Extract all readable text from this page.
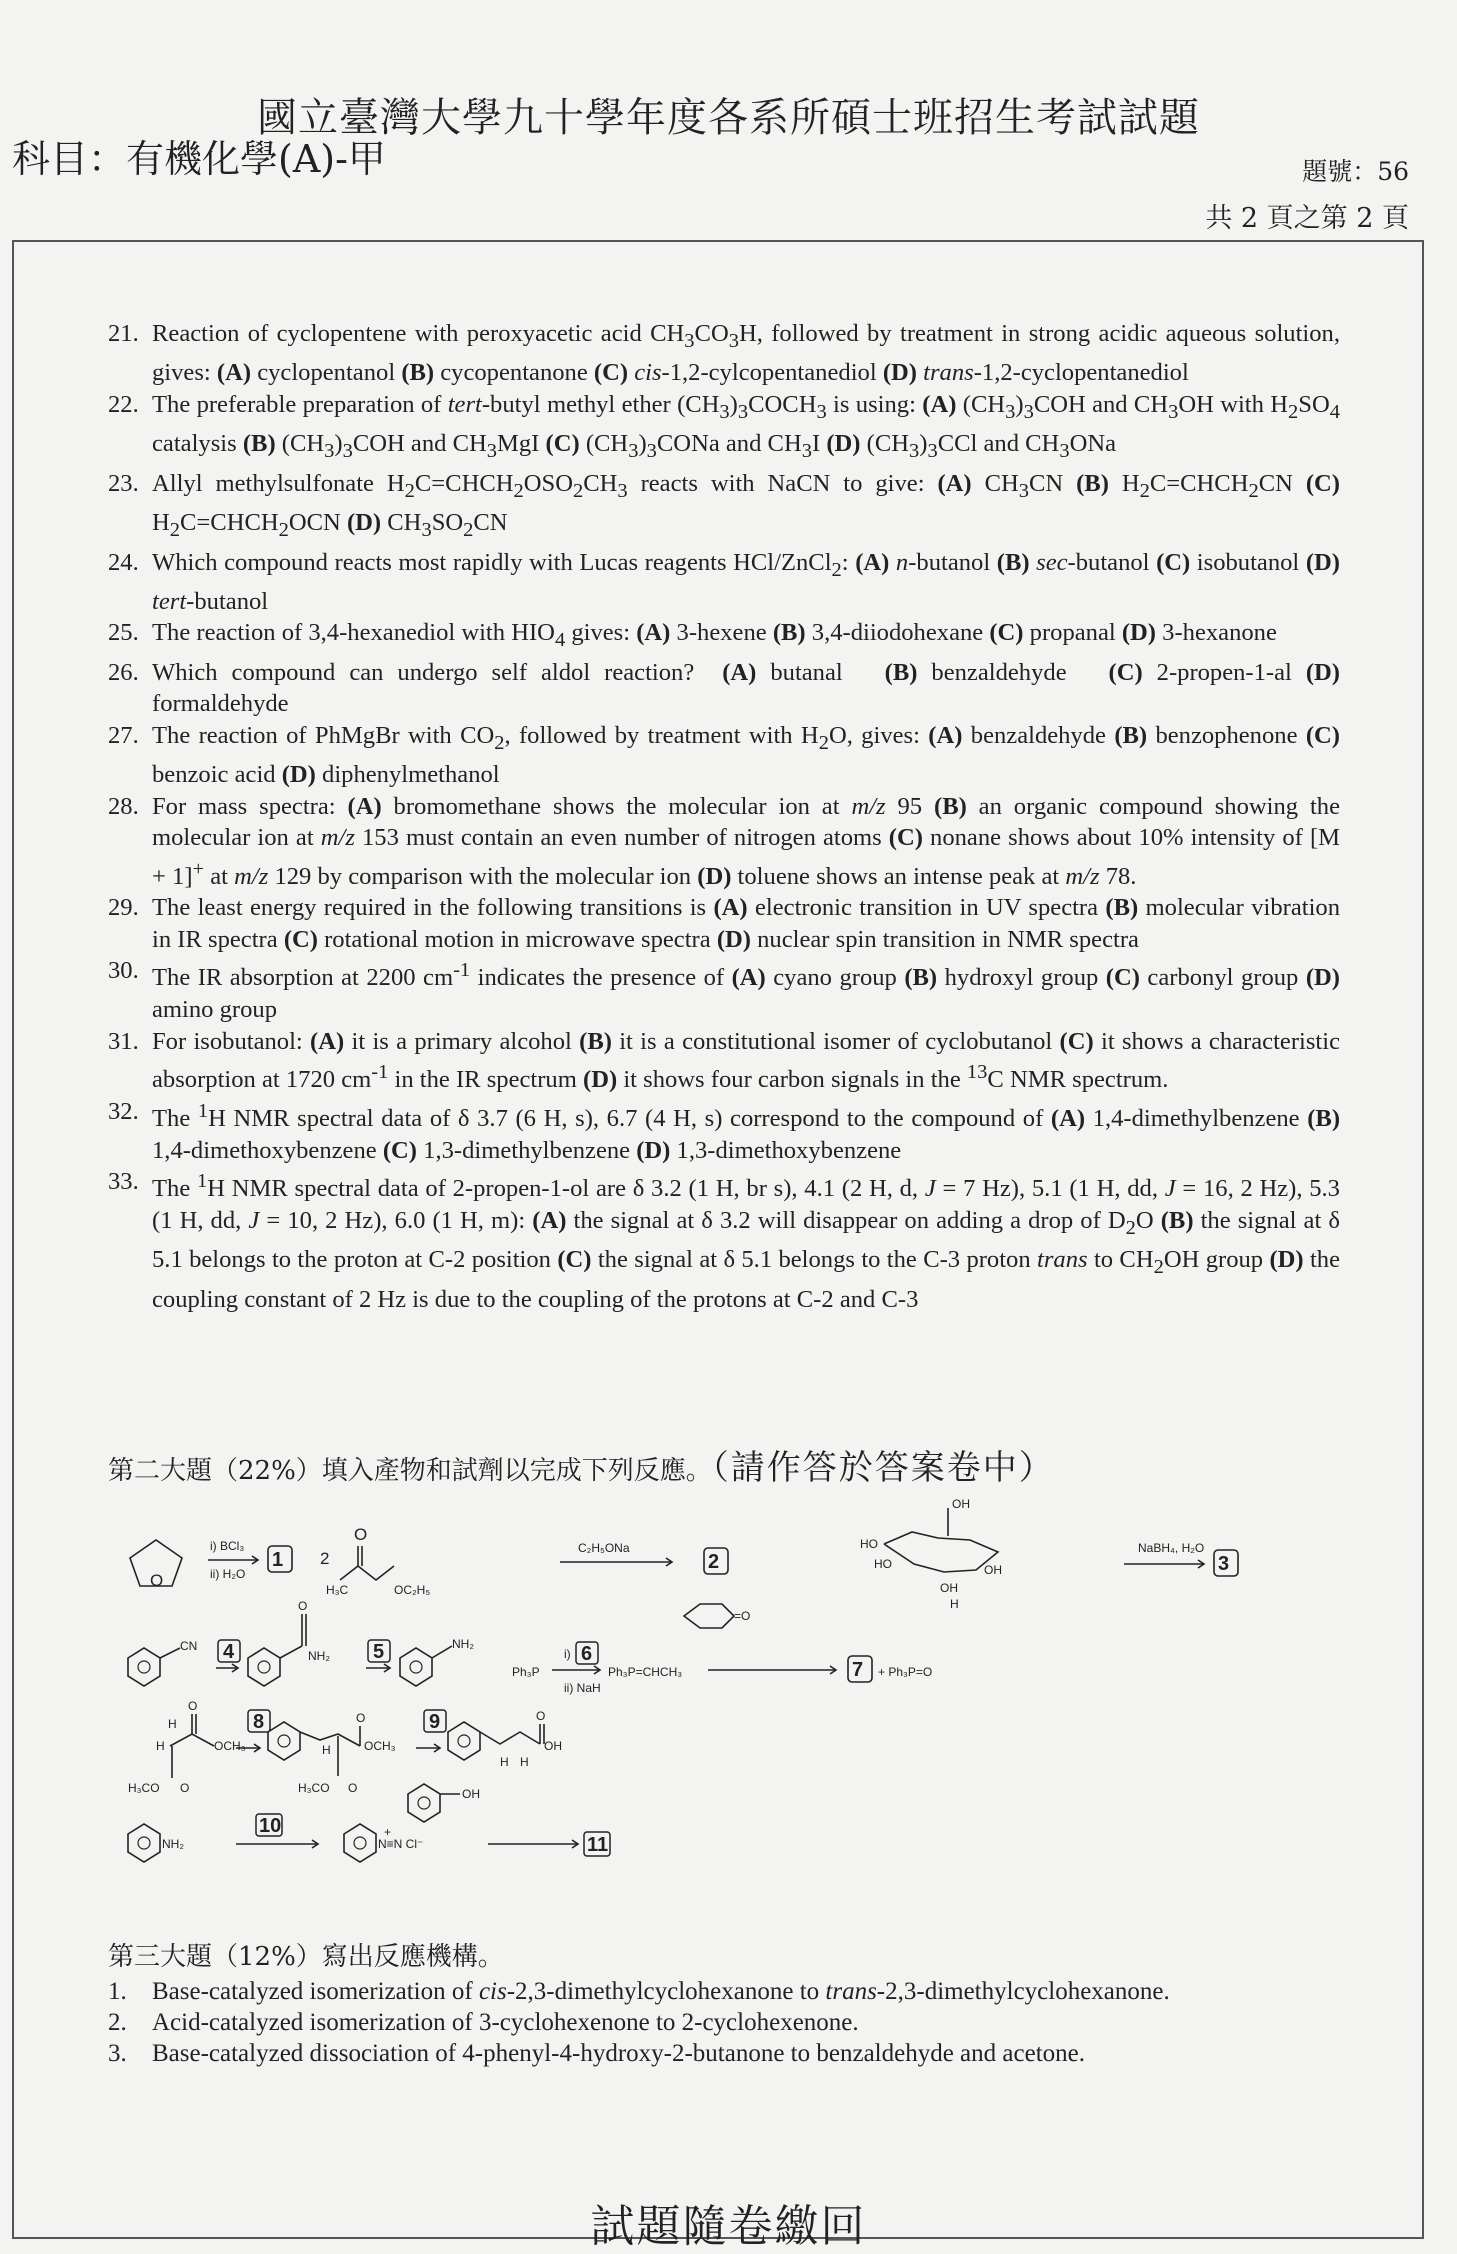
國立臺灣大學九十學年度各系所碩士班招生考試試題
科目：有機化學(A)-甲	題號：56
共 2 頁之第 2 頁
21. Reaction of cyclopentene with peroxyacetic acid $CH_3CO_3H$, followed by treatment in strong acidic aqueous solution, gives: (A) cyclopentanol (B) cycopentanone (C) cis-1,2-cylcopentanediol (D) trans-1,2-cyclopentanediol
22. The preferable preparation of tert-butyl methyl ether $(CH_3)_3COCH_3$ is using: (A) $(CH_3)_3COH$ and $CH_3OH$ with $H_2SO_4$ catalysis (B) $(CH_3)_3COH$ and $CH_3MgI$ (C) $(CH_3)_3CONa$ and $CH_3I$ (D) $(CH_3)_3CCl$ and $CH_3ONa$
23. Allyl methylsulfonate $H_2C=CHCH_2OSO_2CH_3$ reacts with NaCN to give: (A) $CH_3CN$ (B) $H_2C=CHCH_2CN$ (C) $H_2C=CHCH_2OCN$ (D) $CH_3SO_2CN$
24. Which compound reacts most rapidly with Lucas reagents HCl/ZnCl$_2$: (A) n-butanol (B) sec-butanol (C) isobutanol (D) tert-butanol
25. The reaction of 3,4-hexanediol with $HIO_4$ gives: (A) 3-hexene (B) 3,4-diiodohexane (C) propanal (D) 3-hexanone
26. Which compound can undergo self aldol reaction?  (A) butanal   (B) benzaldehyde   (C) 2-propen-1-al (D) formaldehyde
27. The reaction of PhMgBr with $CO_2$, followed by treatment with $H_2O$, gives: (A) benzaldehyde (B) benzophenone (C) benzoic acid (D) diphenylmethanol
28. For mass spectra: (A) bromomethane shows the molecular ion at m/z 95 (B) an organic compound showing the molecular ion at m/z 153 must contain an even number of nitrogen atoms (C) nonane shows about 10% intensity of [M + 1]+ at m/z 129 by comparison with the molecular ion (D) toluene shows an intense peak at m/z 78.
29. The least energy required in the following transitions is (A) electronic transition in UV spectra (B) molecular vibration in IR spectra (C) rotational motion in microwave spectra (D) nuclear spin transition in NMR spectra
30. The IR absorption at 2200 $cm^{-1}$ indicates the presence of (A) cyano group (B) hydroxyl group (C) carbonyl group (D) amino group
31. For isobutanol: (A) it is a primary alcohol (B) it is a constitutional isomer of cyclobutanol (C) it shows a characteristic absorption at 1720 $cm^{-1}$ in the IR spectrum (D) it shows four carbon signals in the $^{13}$C NMR spectrum.
32. The $^1$H NMR spectral data of δ 3.7 (6 H, s), 6.7 (4 H, s) correspond to the compound of (A) 1,4-dimethylbenzene (B) 1,4-dimethoxybenzene (C) 1,3-dimethylbenzene (D) 1,3-dimethoxybenzene
33. The $^1$H NMR spectral data of 2-propen-1-ol are δ 3.2 (1 H, br s), 4.1 (2 H, d, J = 7 Hz), 5.1 (1 H, dd, J = 16, 2 Hz), 5.3 (1 H, dd, J = 10, 2 Hz), 6.0 (1 H, m): (A) the signal at δ 3.2 will disappear on adding a drop of $D_2O$ (B) the signal at δ 5.1 belongs to the proton at C-2 position (C) the signal at δ 5.1 belongs to the C-3 proton trans to $CH_2OH$ group (D) the coupling constant of 2 Hz is due to the coupling of the protons at C-2 and C-3
第二大題（22%）填入產物和試劑以完成下列反應。（請作答於答案卷中）
O
i) BCl₃
ii) H₂O
1 2
O
H₃C	OC₂H₅
C₂H₅ONa
2
OH
HO
HO	OH
OH
H
NaBH₄, H₂O
3
CN 4
O
NH₂ 5	NH₂
Ph₃P
i) 6
ii) NaH
Ph₃P=CHCH₃
=O
7 + Ph₃P=O
H
H
O
OCH₃
H₃CO O
8
H
O
OCH₃
H₃CO O
9	O
OH
H H
NH₂
10	+
N≡N Cl⁻
OH
11
第三大題（12%）寫出反應機構。
1.	Base-catalyzed isomerization of cis-2,3-dimethylcyclohexanone to trans-2,3-dimethylcyclohexanone.
2.	Acid-catalyzed isomerization of 3-cyclohexenone to 2-cyclohexenone.
3.	Base-catalyzed dissociation of 4-phenyl-4-hydroxy-2-butanone to benzaldehyde and acetone.
試題隨卷繳回
